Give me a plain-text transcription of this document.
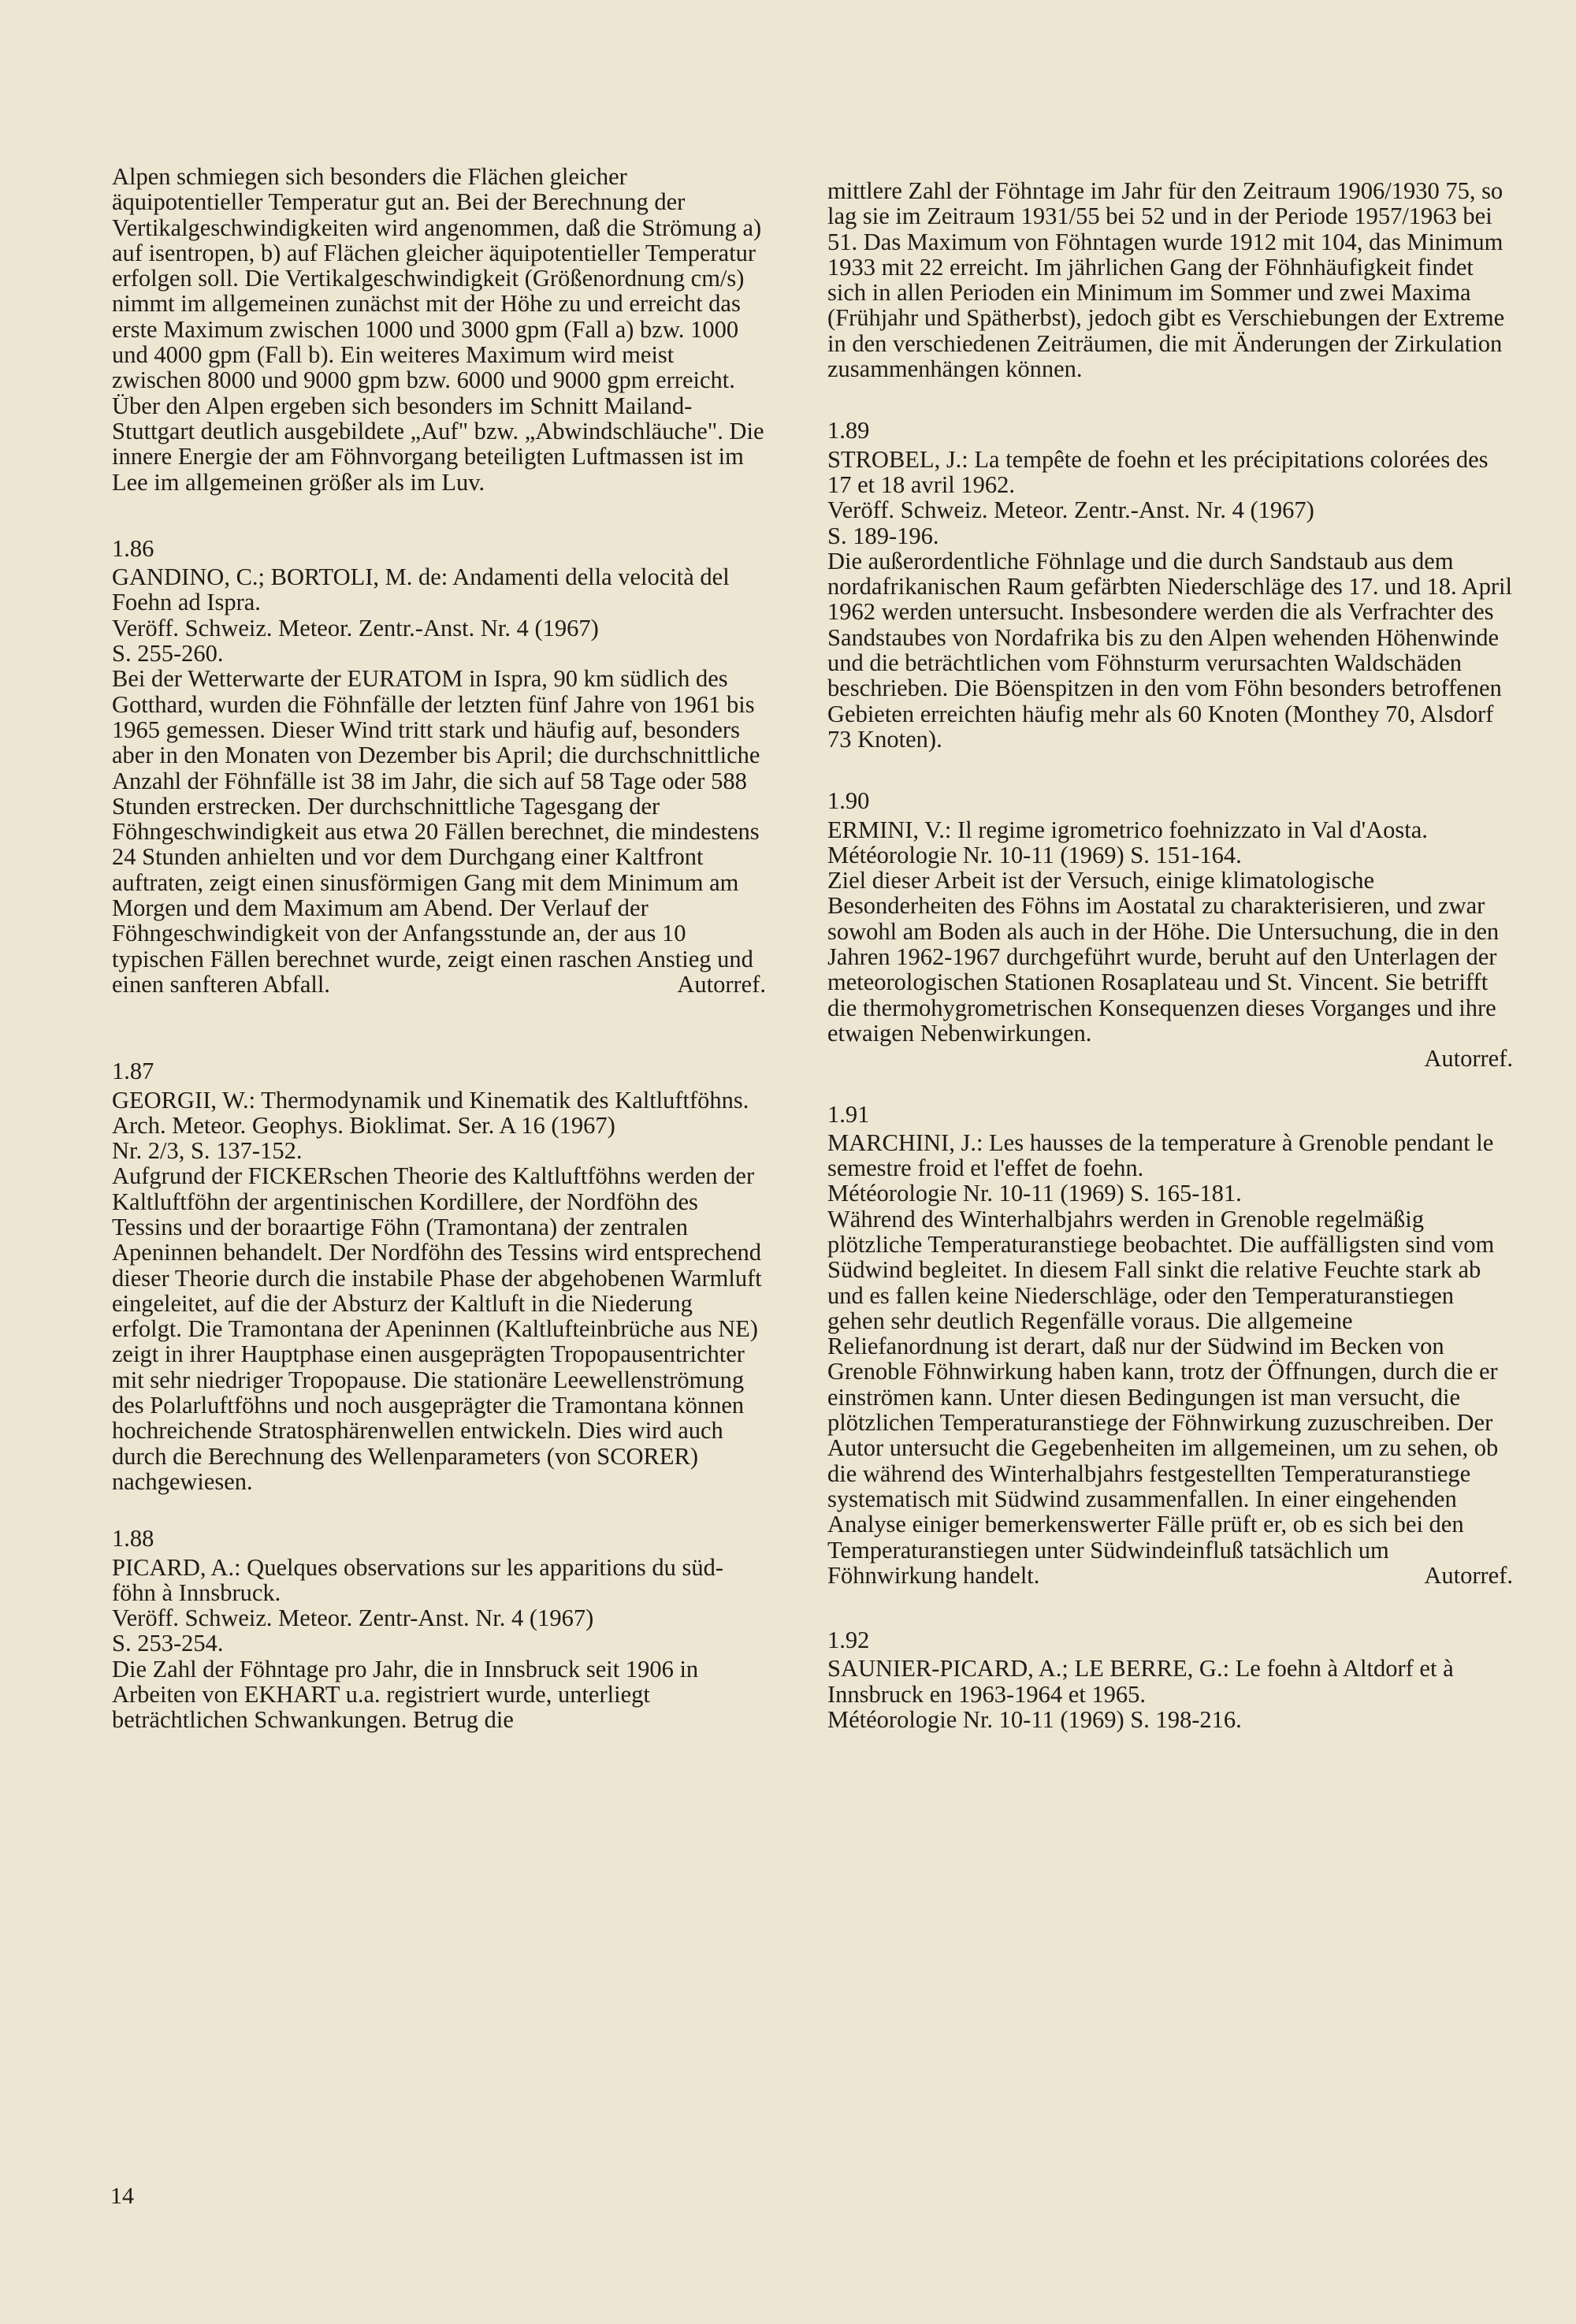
Alpen schmiegen sich besonders die Flächen gleicher äquipotentieller Temperatur gut an. Bei der Berechnung der Vertikalgeschwindigkeiten wird angenommen, daß die Strömung a) auf isentropen, b) auf Flächen gleicher äquipotentieller Temperatur erfolgen soll. Die Vertikalgeschwindigkeit (Größenordnung cm/s) nimmt im allgemeinen zunächst mit der Höhe zu und erreicht das erste Maximum zwischen 1000 und 3000 gpm (Fall a) bzw. 1000 und 4000 gpm (Fall b). Ein weiteres Maximum wird meist zwischen 8000 und 9000 gpm bzw. 6000 und 9000 gpm erreicht. Über den Alpen ergeben sich besonders im Schnitt Mailand-Stuttgart deutlich ausgebildete „Auf" bzw. „Abwindschläuche". Die innere Energie der am Föhnvorgang beteiligten Luftmassen ist im Lee im allgemeinen größer als im Luv.

1.86

GANDINO, C.; BORTOLI, M. de: Andamenti della velocità del Foehn ad Ispra.

Veröff. Schweiz. Meteor. Zentr.-Anst. Nr. 4 (1967)

S. 255-260.

Bei der Wetterwarte der EURATOM in Ispra, 90 km südlich des Gotthard, wurden die Föhnfälle der letzten fünf Jahre von 1961 bis 1965 gemessen. Dieser Wind tritt stark und häufig auf, besonders aber in den Monaten von Dezember bis April; die durchschnittliche Anzahl der Föhnfälle ist 38 im Jahr, die sich auf 58 Tage oder 588 Stunden erstrecken. Der durchschnittliche Tagesgang der Föhngeschwindigkeit aus etwa 20 Fällen berechnet, die mindestens 24 Stunden anhielten und vor dem Durchgang einer Kaltfront auftraten, zeigt einen sinusförmigen Gang mit dem Minimum am Morgen und dem Maximum am Abend. Der Verlauf der Föhngeschwindigkeit von der Anfangsstunde an, der aus 10 typischen Fällen berechnet wurde, zeigt einen raschen Anstieg und einen sanfteren Abfall.	Autorref.

1.87

GEORGII, W.: Thermodynamik und Kinematik des Kaltluftföhns.

Arch. Meteor. Geophys. Bioklimat. Ser. A 16 (1967)

Nr. 2/3, S. 137-152.

Aufgrund der FICKERschen Theorie des Kaltluftföhns werden der Kaltluftföhn der argentinischen Kordillere, der Nordföhn des Tessins und der boraartige Föhn (Tramontana) der zentralen Apeninnen behandelt. Der Nordföhn des Tessins wird entsprechend dieser Theorie durch die instabile Phase der abgehobenen Warmluft eingeleitet, auf die der Absturz der Kaltluft in die Niederung erfolgt. Die Tramontana der Apeninnen (Kaltlufteinbrüche aus NE) zeigt in ihrer Hauptphase einen ausgeprägten Tropopausentrichter mit sehr niedriger Tropopause. Die stationäre Leewellenströmung des Polarluftföhns und noch ausgeprägter die Tramontana können hochreichende Stratosphärenwellen entwickeln. Dies wird auch durch die Berechnung des Wellenparameters (von SCORER) nachgewiesen.

1.88

PICARD, A.: Quelques observations sur les apparitions du süd-föhn à Innsbruck.

Veröff. Schweiz. Meteor. Zentr-Anst. Nr. 4 (1967)

S. 253-254.

Die Zahl der Föhntage pro Jahr, die in Innsbruck seit 1906 in Arbeiten von EKHART u.a. registriert wurde, unterliegt beträchtlichen Schwankungen. Betrug die

mittlere Zahl der Föhntage im Jahr für den Zeitraum 1906/1930 75, so lag sie im Zeitraum 1931/55 bei 52 und in der Periode 1957/1963 bei 51. Das Maximum von Föhntagen wurde 1912 mit 104, das Minimum 1933 mit 22 erreicht. Im jährlichen Gang der Föhnhäufigkeit findet sich in allen Perioden ein Minimum im Sommer und zwei Maxima (Frühjahr und Spätherbst), jedoch gibt es Verschiebungen der Extreme in den verschiedenen Zeiträumen, die mit Änderungen der Zirkulation zusammenhängen können.

1.89

STROBEL, J.: La tempête de foehn et les précipitations colorées des 17 et 18 avril 1962.

Veröff. Schweiz. Meteor. Zentr.-Anst. Nr. 4 (1967)

S. 189-196.

Die außerordentliche Föhnlage und die durch Sandstaub aus dem nordafrikanischen Raum gefärbten Niederschläge des 17. und 18. April 1962 werden untersucht. Insbesondere werden die als Verfrachter des Sandstaubes von Nordafrika bis zu den Alpen wehenden Höhenwinde und die beträchtlichen vom Föhnsturm verursachten Waldschäden beschrieben. Die Böenspitzen in den vom Föhn besonders betroffenen Gebieten erreichten häufig mehr als 60 Knoten (Monthey 70, Alsdorf 73 Knoten).

1.90

ERMINI, V.: Il regime igrometrico foehnizzato in Val d'Aosta.

Météorologie Nr. 10-11 (1969) S. 151-164.

Ziel dieser Arbeit ist der Versuch, einige klimatologische Besonderheiten des Föhns im Aostatal zu charakterisieren, und zwar sowohl am Boden als auch in der Höhe. Die Untersuchung, die in den Jahren 1962-1967 durchgeführt wurde, beruht auf den Unterlagen der meteorologischen Stationen Rosaplateau und St. Vincent. Sie betrifft die thermohygrometrischen Konsequenzen dieses Vorganges und ihre etwaigen Nebenwirkungen.

Autorref.

1.91

MARCHINI, J.: Les hausses de la temperature à Grenoble pendant le semestre froid et l'effet de foehn.

Météorologie Nr. 10-11 (1969) S. 165-181.

Während des Winterhalbjahrs werden in Grenoble regelmäßig plötzliche Temperaturanstiege beobachtet. Die auffälligsten sind vom Südwind begleitet. In diesem Fall sinkt die relative Feuchte stark ab und es fallen keine Niederschläge, oder den Temperaturanstiegen gehen sehr deutlich Regenfälle voraus. Die allgemeine Reliefanordnung ist derart, daß nur der Südwind im Becken von Grenoble Föhnwirkung haben kann, trotz der Öffnungen, durch die er einströmen kann. Unter diesen Bedingungen ist man versucht, die plötzlichen Temperaturanstiege der Föhnwirkung zuzuschreiben. Der Autor untersucht die Gegebenheiten im allgemeinen, um zu sehen, ob die während des Winterhalbjahrs festgestellten Temperaturanstiege systematisch mit Südwind zusammenfallen. In einer eingehenden Analyse einiger bemerkenswerter Fälle prüft er, ob es sich bei den Temperaturanstiegen unter Südwindeinfluß tatsächlich um Föhnwirkung handelt.	Autorref.

1.92

SAUNIER-PICARD, A.; LE BERRE, G.: Le foehn à Altdorf et à Innsbruck en 1963-1964 et 1965.

Météorologie Nr. 10-11 (1969) S. 198-216.

14
